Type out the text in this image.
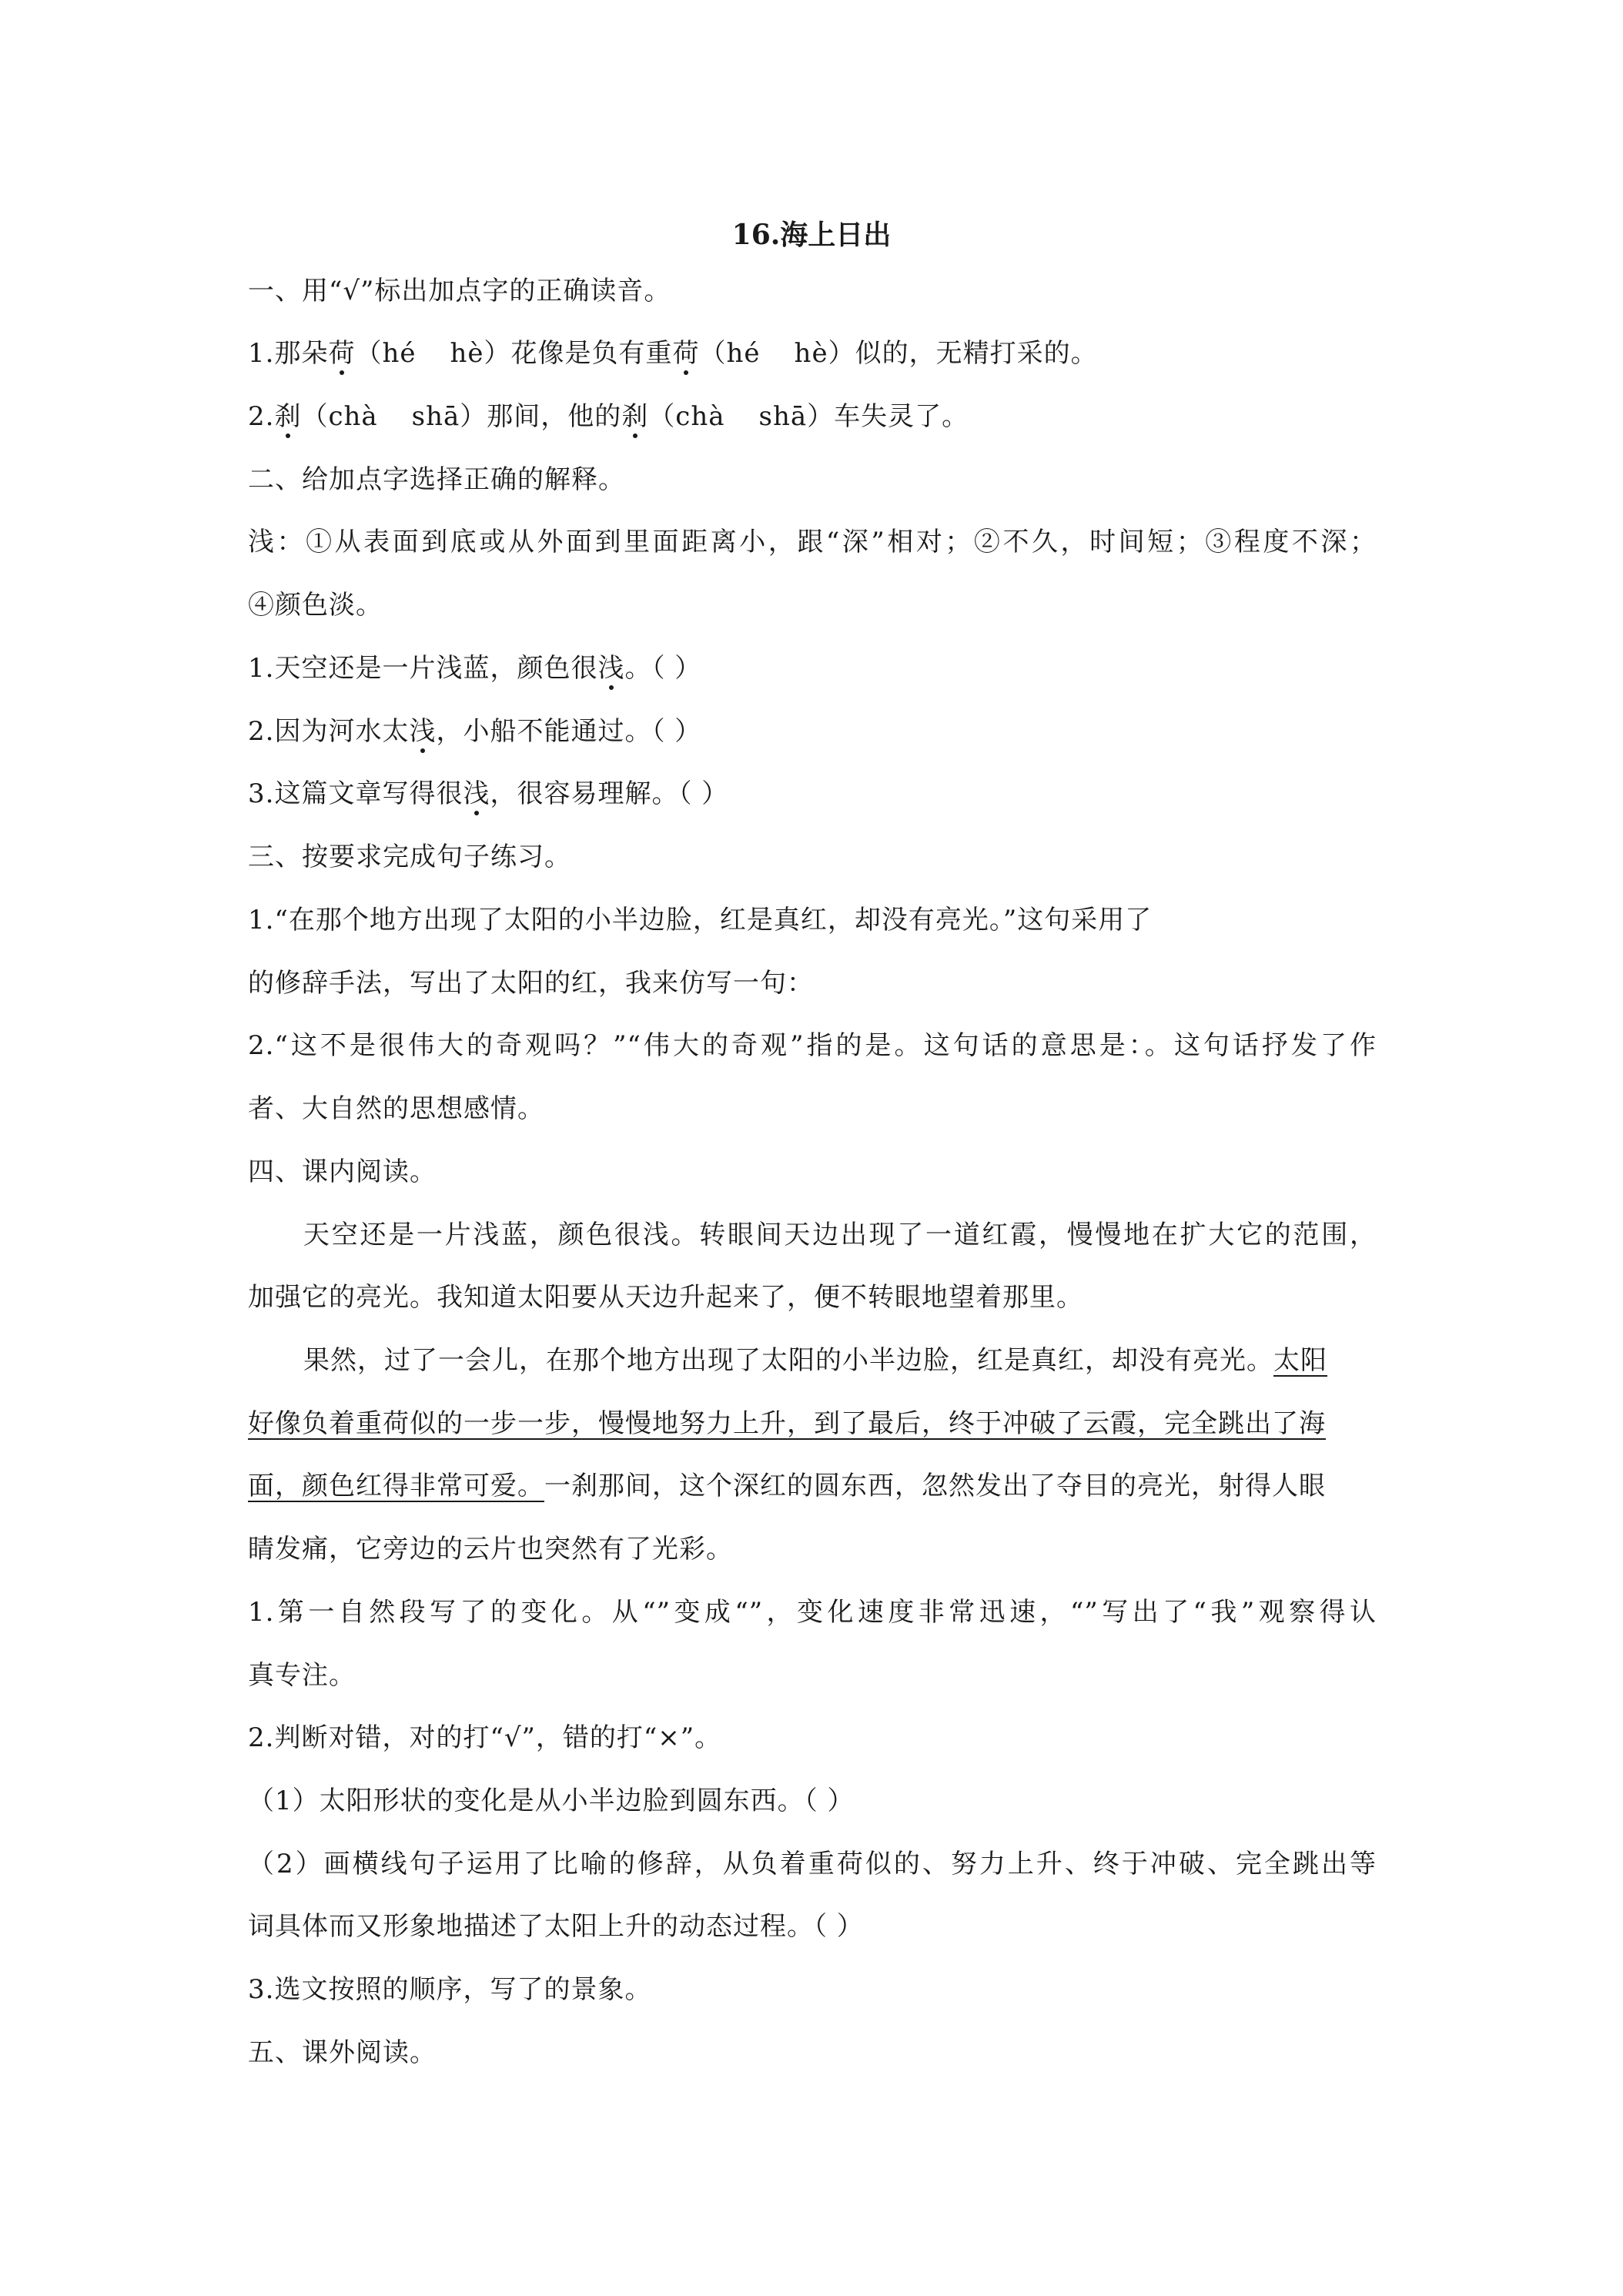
16.海上日出
一、用“√”标出加点字的正确读音。
1.那朵荷（hé hè）花像是负有重荷（hé hè）似的，无精打采的。
2.刹（chà shā）那间，他的刹（chà shā）车失灵了。
二、给加点字选择正确的解释。
浅：①从表面到底或从外面到里面距离小，跟“深”相对；②不久，时间短；③程度不深；
④颜色淡。
1.天空还是一片浅蓝，颜色很浅。（ ）
2.因为河水太浅，小船不能通过。（ ）
3.这篇文章写得很浅，很容易理解。（ ）
三、按要求完成句子练习。
1.“在那个地方出现了太阳的小半边脸，红是真红，却没有亮光。”这句采用了
的修辞手法，写出了太阳的红，我来仿写一句：
2.“这不是很伟大的奇观吗？”“伟大的奇观”指的是。这句话的意思是：。这句话抒发了作
者、大自然的思想感情。
四、课内阅读。
天空还是一片浅蓝，颜色很浅。转眼间天边出现了一道红霞，慢慢地在扩大它的范围，
加强它的亮光。我知道太阳要从天边升起来了，便不转眼地望着那里。
果然，过了一会儿，在那个地方出现了太阳的小半边脸，红是真红，却没有亮光。太阳
好像负着重荷似的一步一步，慢慢地努力上升，到了最后，终于冲破了云霞，完全跳出了海
面，颜色红得非常可爱。一刹那间，这个深红的圆东西，忽然发出了夺目的亮光，射得人眼
睛发痛，它旁边的云片也突然有了光彩。
1.第一自然段写了的变化。从“”变成“”，变化速度非常迅速，“”写出了“我”观察得认
真专注。
2.判断对错，对的打“√”，错的打“×”。
（1）太阳形状的变化是从小半边脸到圆东西。（ ）
（2）画横线句子运用了比喻的修辞，从负着重荷似的、努力上升、终于冲破、完全跳出等
词具体而又形象地描述了太阳上升的动态过程。（ ）
3.选文按照的顺序，写了的景象。
五、课外阅读。
